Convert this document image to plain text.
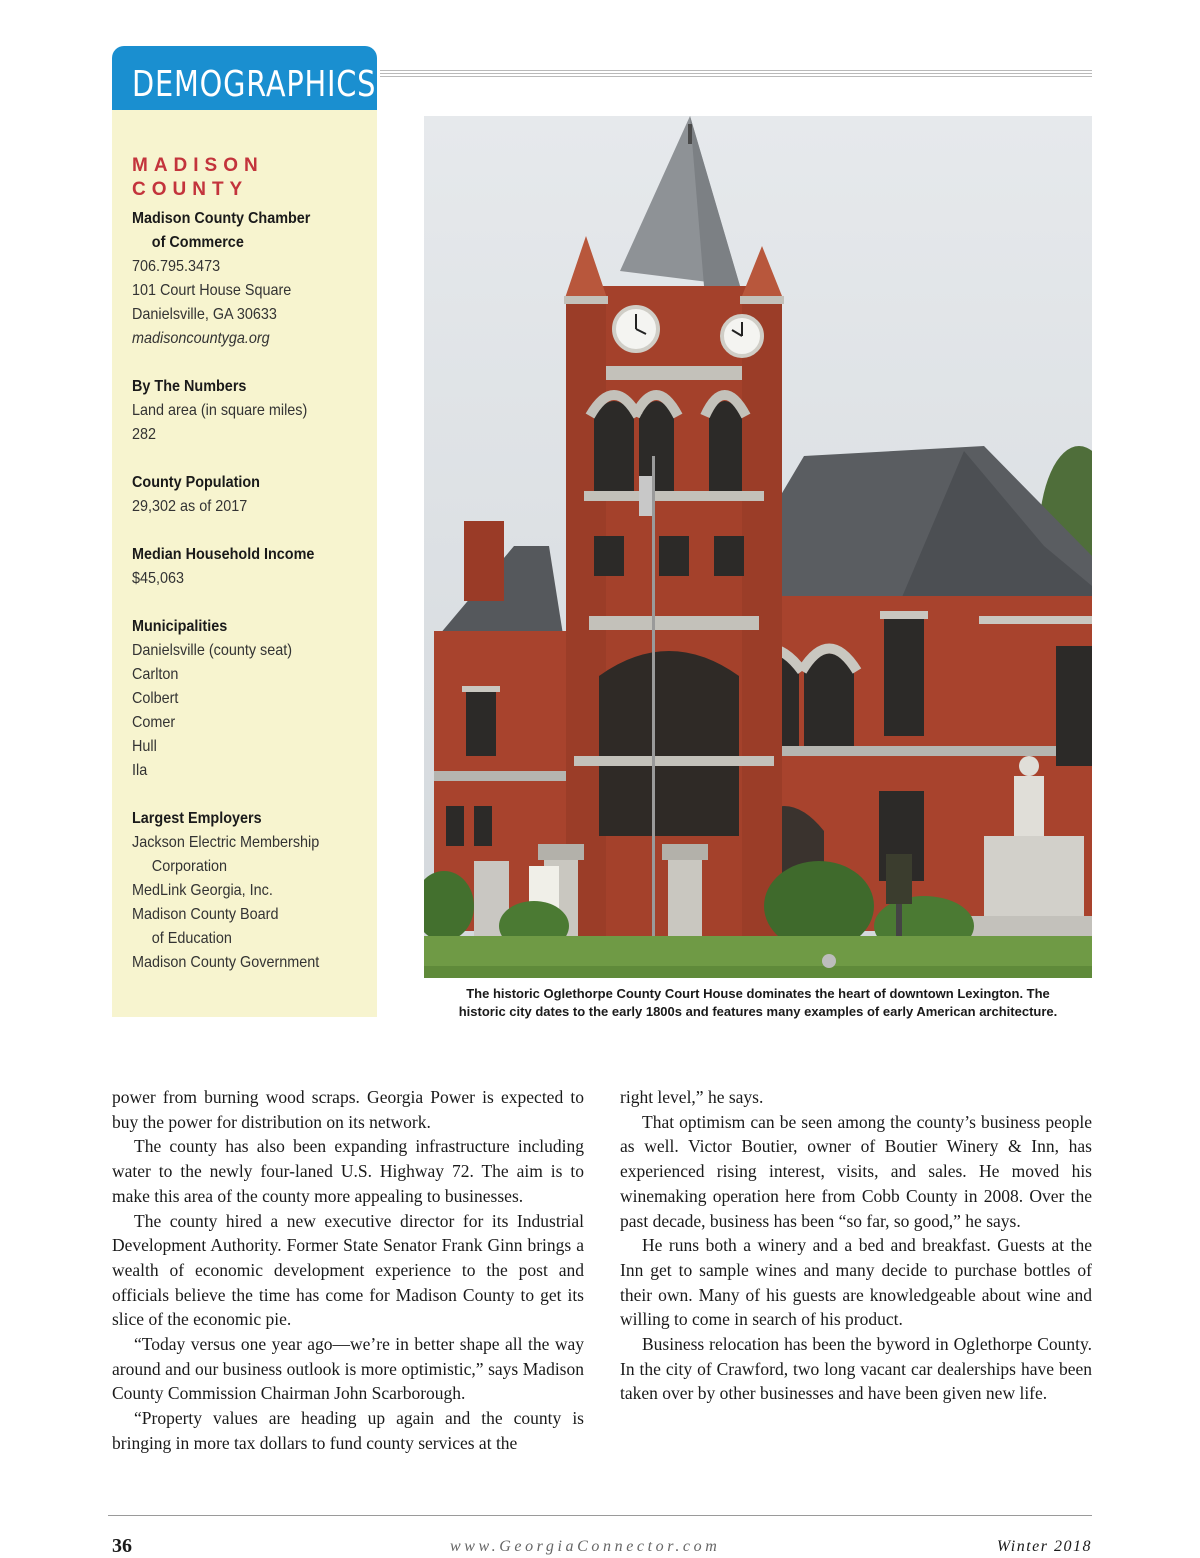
DEMOGRAPHICS
MADISON
COUNTY
Madison County Chamber
of Commerce
706.795.3473
101 Court House Square
Danielsville, GA 30633
madisoncountyga.org
By The Numbers
Land area (in square miles)
282
County Population
29,302 as of 2017
Median Household Income
$45,063
Municipalities
Danielsville (county seat)
Carlton
Colbert
Comer
Hull
Ila
Largest Employers
Jackson Electric Membership
Corporation
MedLink Georgia, Inc.
Madison County Board
of Education
Madison County Government
The historic Oglethorpe County Court House dominates the heart of downtown Lexington. The
historic city dates to the early 1800s and features many examples of early American architecture.

power from burning wood scraps. Georgia Power is expected to buy the power for distribution on its network.

The county has also been expanding infrastructure including water to the newly four-laned U.S. Highway 72. The aim is to make this area of the county more appealing to businesses.

The county hired a new executive director for its Industrial Development Authority. Former State Senator Frank Ginn brings a wealth of economic development experience to the post and officials believe the time has come for Madison County to get its slice of the economic pie.

“Today versus one year ago—we’re in better shape all the way around and our business outlook is more optimistic,” says Madison County Commission Chairman John Scarborough.

“Property values are heading up again and the county is bringing in more tax dollars to fund county services at the

right level,” he says.

That optimism can be seen among the county’s business people as well. Victor Boutier, owner of Boutier Winery & Inn, has experienced rising interest, visits, and sales. He moved his winemaking operation here from Cobb County in 2008. Over the past decade, business has been “so far, so good,” he says.

He runs both a winery and a bed and breakfast. Guests at the Inn get to sample wines and many decide to purchase bottles of their own. Many of his guests are knowledgeable about wine and willing to come in search of his product.

Business relocation has been the byword in Oglethorpe County. In the city of Crawford, two long vacant car dealerships have been taken over by other businesses and have been given new life.

36	www.GeorgiaConnector.com	Winter 2018
